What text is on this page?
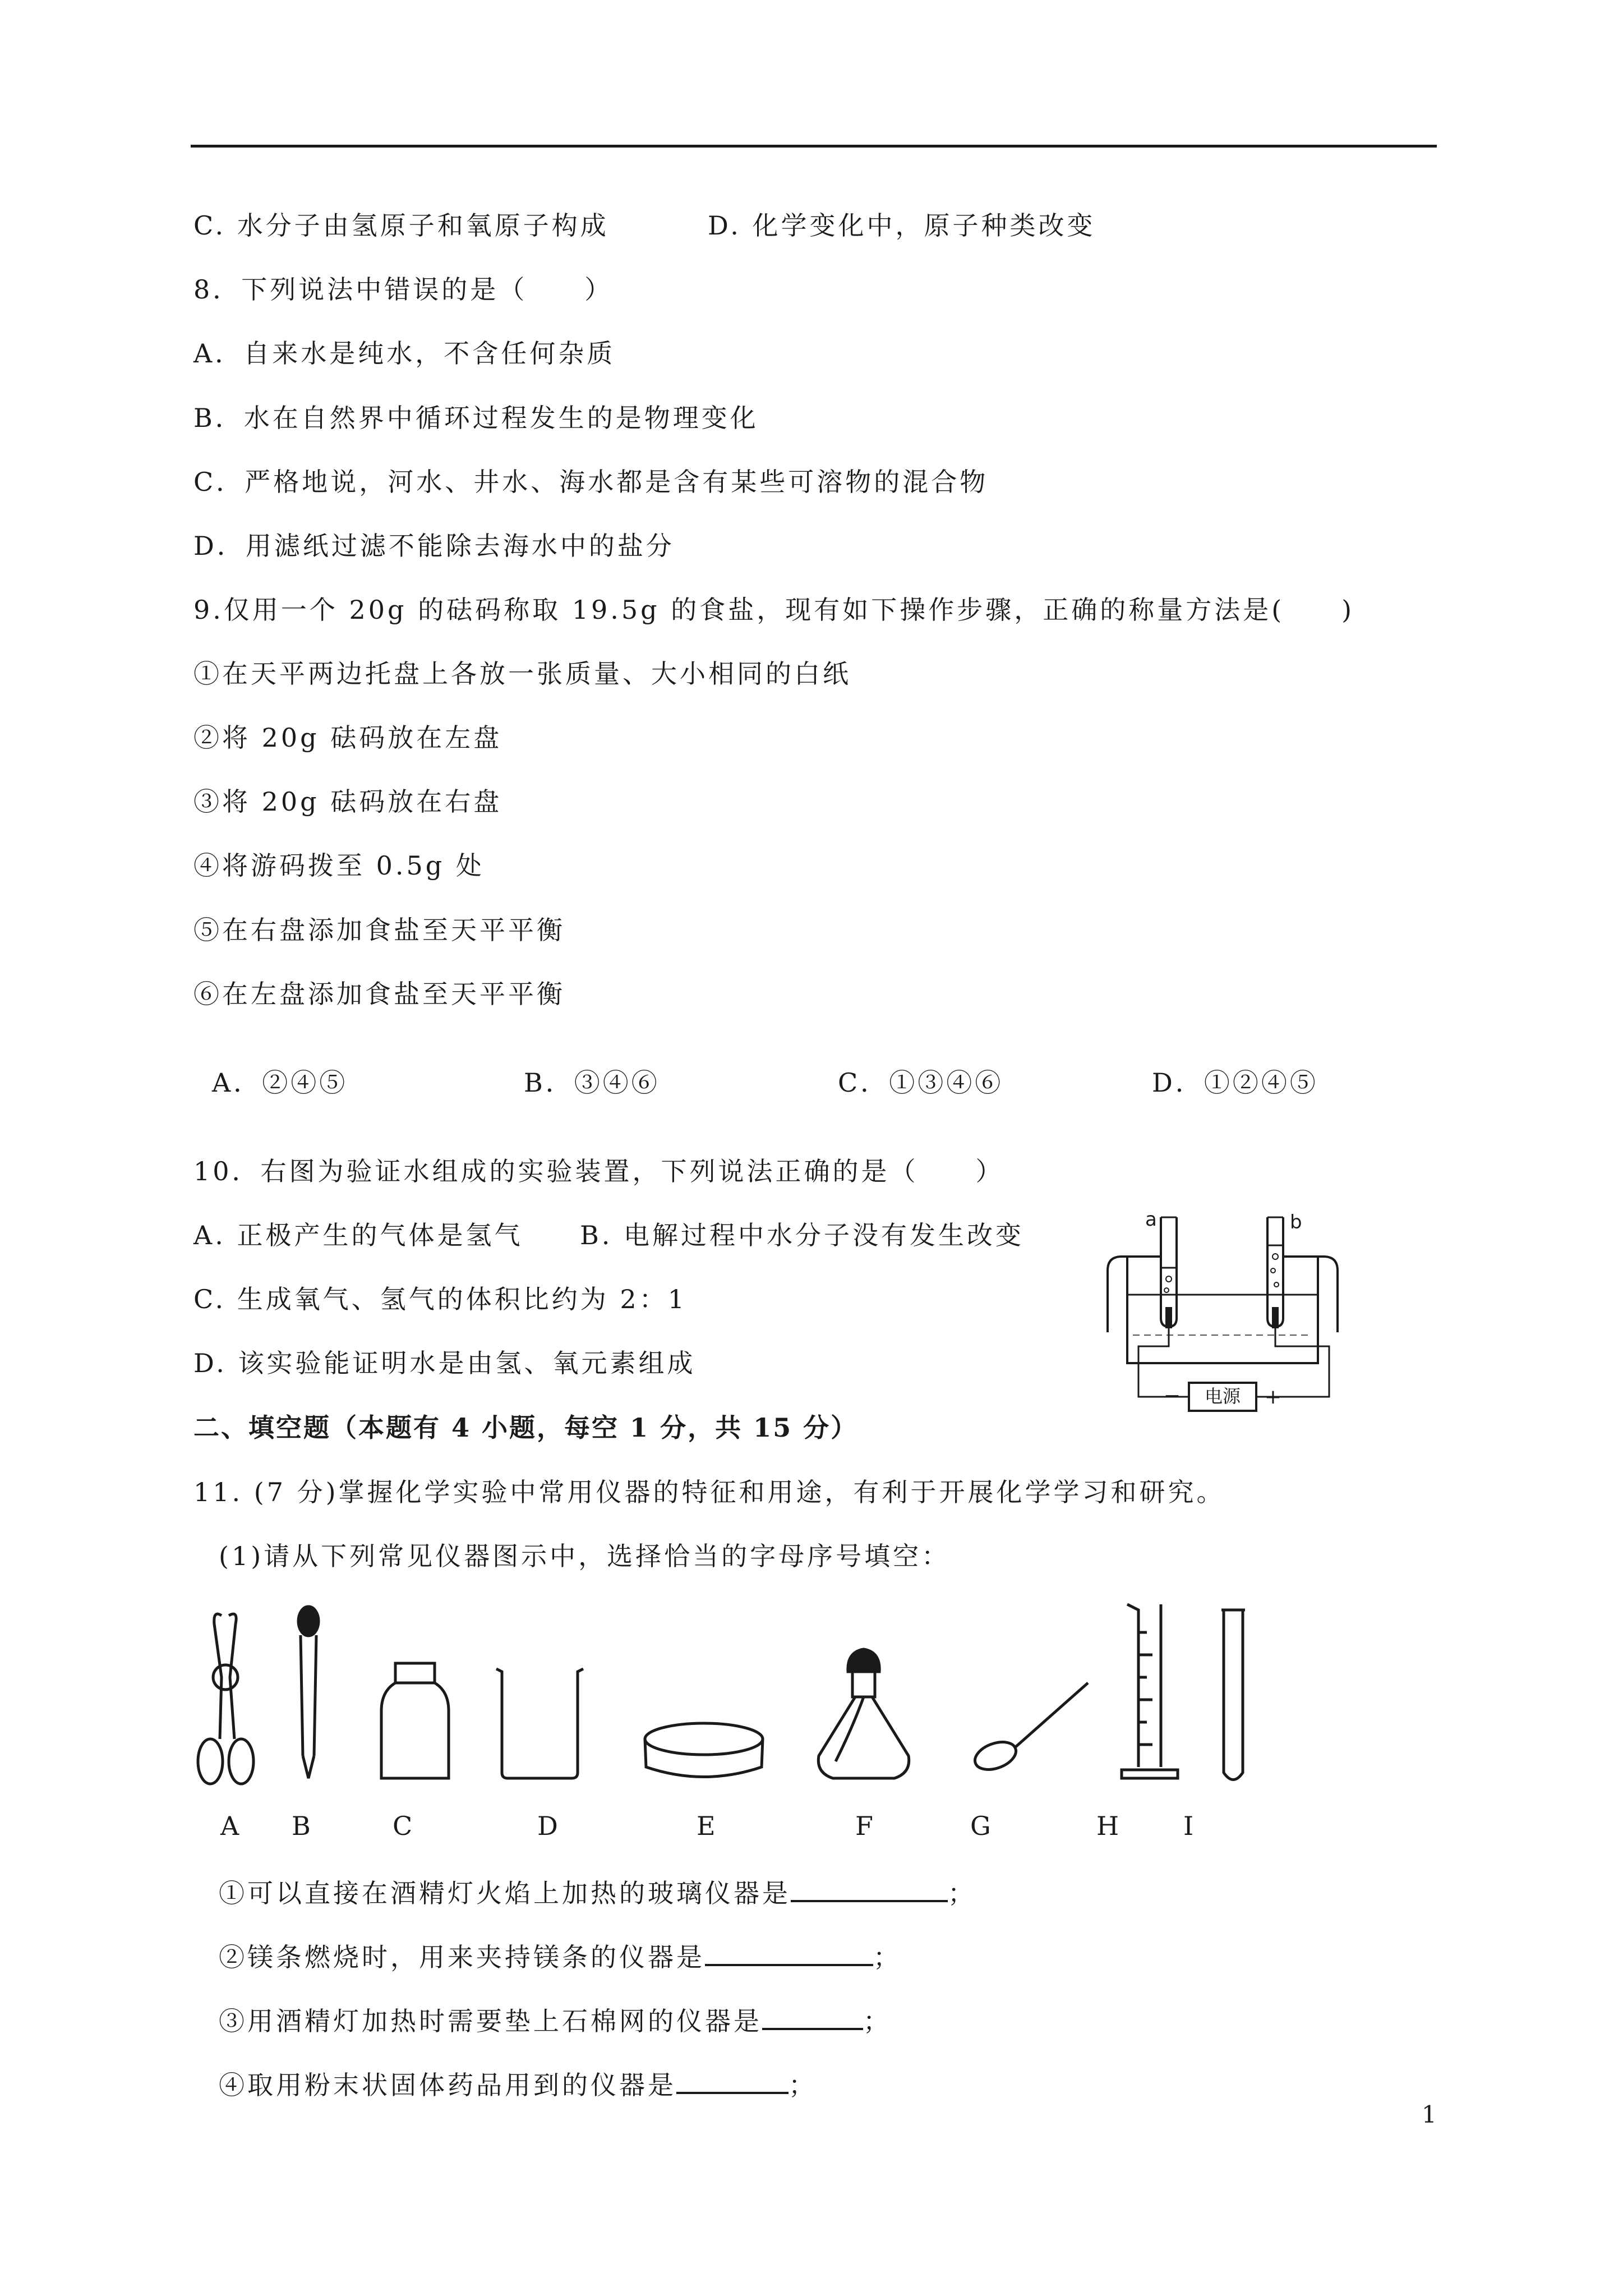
C. 水分子由氢原子和氧原子构成	D. 化学变化中，原子种类改变
8．下列说法中错误的是（　　）
A．自来水是纯水，不含任何杂质
B．水在自然界中循环过程发生的是物理变化
C．严格地说，河水、井水、海水都是含有某些可溶物的混合物
D．用滤纸过滤不能除去海水中的盐分
9.仅用一个 20g 的砝码称取 19.5g 的食盐，现有如下操作步骤，正确的称量方法是(　　)
①在天平两边托盘上各放一张质量、大小相同的白纸
②将 20g 砝码放在左盘
③将 20g 砝码放在右盘
④将游码拨至 0.5g 处
⑤在右盘添加食盐至天平平衡
⑥在左盘添加食盐至天平平衡
A．②④⑤	B．③④⑥	C．①③④⑥	D．①②④⑤
10．右图为验证水组成的实验装置，下列说法正确的是（　　）
A. 正极产生的气体是氢气 B. 电解过程中水分子没有发生改变
C. 生成氧气、氢气的体积比约为 2：1
D. 该实验能证明水是由氢、氧元素组成
电源
−	+
a	b
二、填空题（本题有 4 小题，每空 1 分，共 15 分）
11. (7 分)掌握化学实验中常用仪器的特征和用途，有利于开展化学学习和研究。
(1)请从下列常见仪器图示中，选择恰当的字母序号填空：
A B	C	D	E	F	G	H I
①可以直接在酒精灯火焰上加热的玻璃仪器是	；
②镁条燃烧时，用来夹持镁条的仪器是	；
③用酒精灯加热时需要垫上石棉网的仪器是	；
④取用粉末状固体药品用到的仪器是	；
1
